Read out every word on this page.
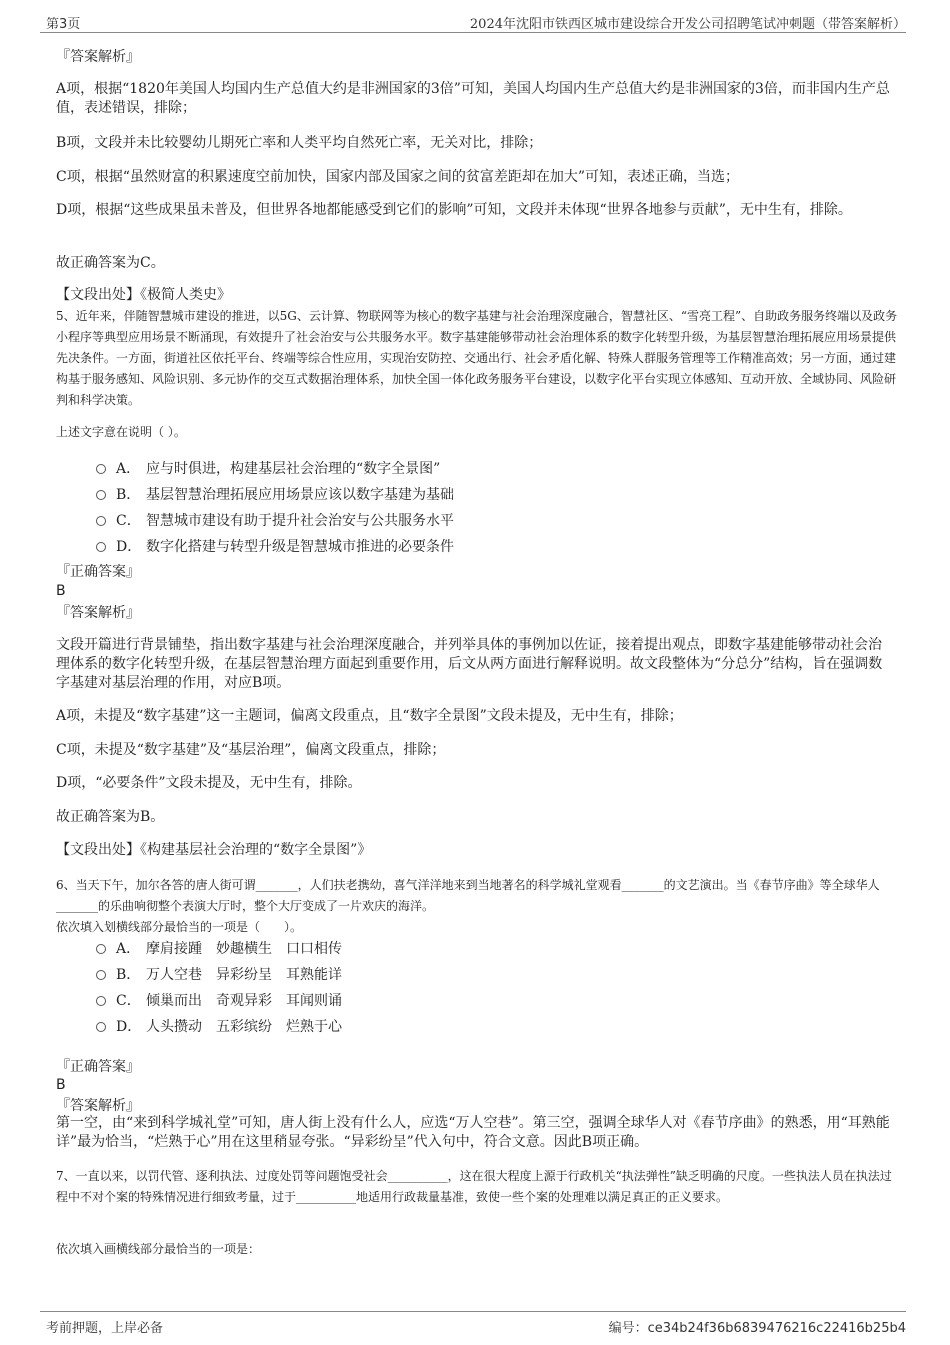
第3页	2024年沈阳市铁西区城市建设综合开发公司招聘笔试冲刺题（带答案解析）
『答案解析』
A项，根据“1820年美国人均国内生产总值大约是非洲国家的3倍”可知，美国人均国内生产总值大约是非洲国家的3倍，而非国内生产总值，表述错误，排除；
B项，文段并未比较婴幼儿期死亡率和人类平均自然死亡率，无关对比，排除；
C项，根据“虽然财富的积累速度空前加快，国家内部及国家之间的贫富差距却在加大”可知，表述正确，当选；
D项，根据“这些成果虽未普及，但世界各地都能感受到它们的影响”可知，文段并未体现“世界各地参与贡献”，无中生有，排除。
故正确答案为C。
【文段出处】《极简人类史》
5、近年来，伴随智慧城市建设的推进，以5G、云计算、物联网等为核心的数字基建与社会治理深度融合，智慧社区、“雪亮工程”、自助政务服务终端以及政务小程序等典型应用场景不断涌现，有效提升了社会治安与公共服务水平。数字基建能够带动社会治理体系的数字化转型升级，为基层智慧治理拓展应用场景提供先决条件。一方面，街道社区依托平台、终端等综合性应用，实现治安防控、交通出行、社会矛盾化解、特殊人群服务管理等工作精准高效；另一方面，通过建构基于服务感知、风险识别、多元协作的交互式数据治理体系，加快全国一体化政务服务平台建设，以数字化平台实现立体感知、互动开放、全域协同、风险研判和科学决策。
上述文字意在说明（ ）。
A． 应与时俱进，构建基层社会治理的“数字全景图”
B． 基层智慧治理拓展应用场景应该以数字基建为基础
C． 智慧城市建设有助于提升社会治安与公共服务水平
D． 数字化搭建与转型升级是智慧城市推进的必要条件
『正确答案』
B
『答案解析』
文段开篇进行背景铺垫，指出数字基建与社会治理深度融合，并列举具体的事例加以佐证，接着提出观点，即数字基建能够带动社会治理体系的数字化转型升级，在基层智慧治理方面起到重要作用，后文从两方面进行解释说明。故文段整体为“分总分”结构，旨在强调数字基建对基层治理的作用，对应B项。
A项，未提及“数字基建”这一主题词，偏离文段重点，且“数字全景图”文段未提及，无中生有，排除；
C项，未提及“数字基建”及“基层治理”，偏离文段重点，排除；
D项，“必要条件”文段未提及，无中生有，排除。
故正确答案为B。
【文段出处】《构建基层社会治理的“数字全景图”》
6、当天下午，加尔各答的唐人街可谓_______，人们扶老携幼，喜气洋洋地来到当地著名的科学城礼堂观看_______的文艺演出。当《春节序曲》等全球华人_______的乐曲响彻整个表演大厅时，整个大厅变成了一片欢庆的海洋。
依次填入划横线部分最恰当的一项是（　　）。
A． 摩肩接踵　妙趣横生　口口相传
B． 万人空巷　异彩纷呈　耳熟能详
C． 倾巢而出　奇观异彩　耳闻则诵
D． 人头攒动　五彩缤纷　烂熟于心
『正确答案』
B
『答案解析』
第一空，由“来到科学城礼堂”可知，唐人街上没有什么人，应选“万人空巷”。第三空，强调全球华人对《春节序曲》的熟悉，用“耳熟能详”最为恰当，“烂熟于心”用在这里稍显夸张。“异彩纷呈”代入句中，符合文意。因此B项正确。
7、一直以来，以罚代管、逐利执法、过度处罚等问题饱受社会__________，这在很大程度上源于行政机关“执法弹性”缺乏明确的尺度。一些执法人员在执法过程中不对个案的特殊情况进行细致考量，过于__________地适用行政裁量基准，致使一些个案的处理难以满足真正的正义要求。
依次填入画横线部分最恰当的一项是：
考前押题，上岸必备	编号：ce34b24f36b6839476216c22416b25b4
